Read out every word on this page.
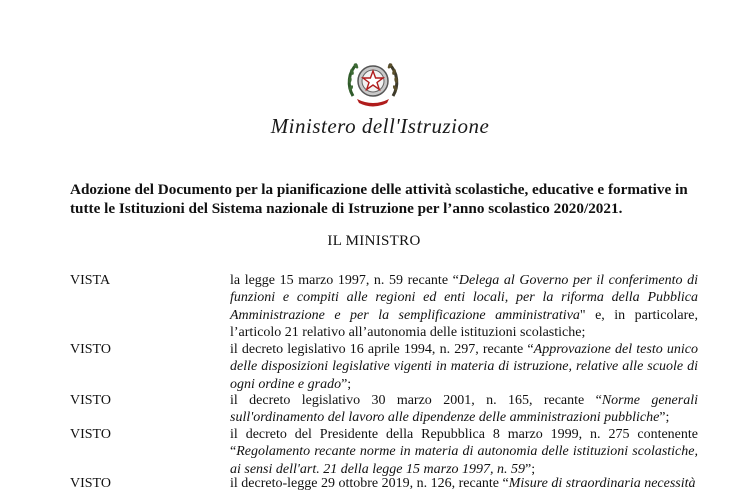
Ministero dell'Istruzione
Adozione del Documento per la pianificazione delle attività scolastiche, educative e formative in tutte le Istituzioni del Sistema nazionale di Istruzione per l’anno scolastico 2020/2021.
IL MINISTRO
VISTA	la legge 15 marzo 1997, n. 59 recante “Delega al Governo per il conferimento di funzioni e compiti alle regioni ed enti locali, per la riforma della Pubblica Amministrazione e per la semplificazione amministrativa" e, in particolare, l’articolo 21 relativo all’autonomia delle istituzioni scolastiche;
VISTO	il decreto legislativo 16 aprile 1994, n. 297, recante “Approvazione del testo unico delle disposizioni legislative vigenti in materia di istruzione, relative alle scuole di ogni ordine e grado”;
VISTO	il decreto legislativo 30 marzo 2001, n. 165, recante “Norme generali sull'ordinamento del lavoro alle dipendenze delle amministrazioni pubbliche”;
VISTO	il decreto del Presidente della Repubblica 8 marzo 1999, n. 275 contenente “Regolamento recante norme in materia di autonomia delle istituzioni scolastiche, ai sensi dell'art. 21 della legge 15 marzo 1997, n. 59”;
VISTO	il decreto-legge 29 ottobre 2019, n. 126, recante “Misure di straordinaria necessità
